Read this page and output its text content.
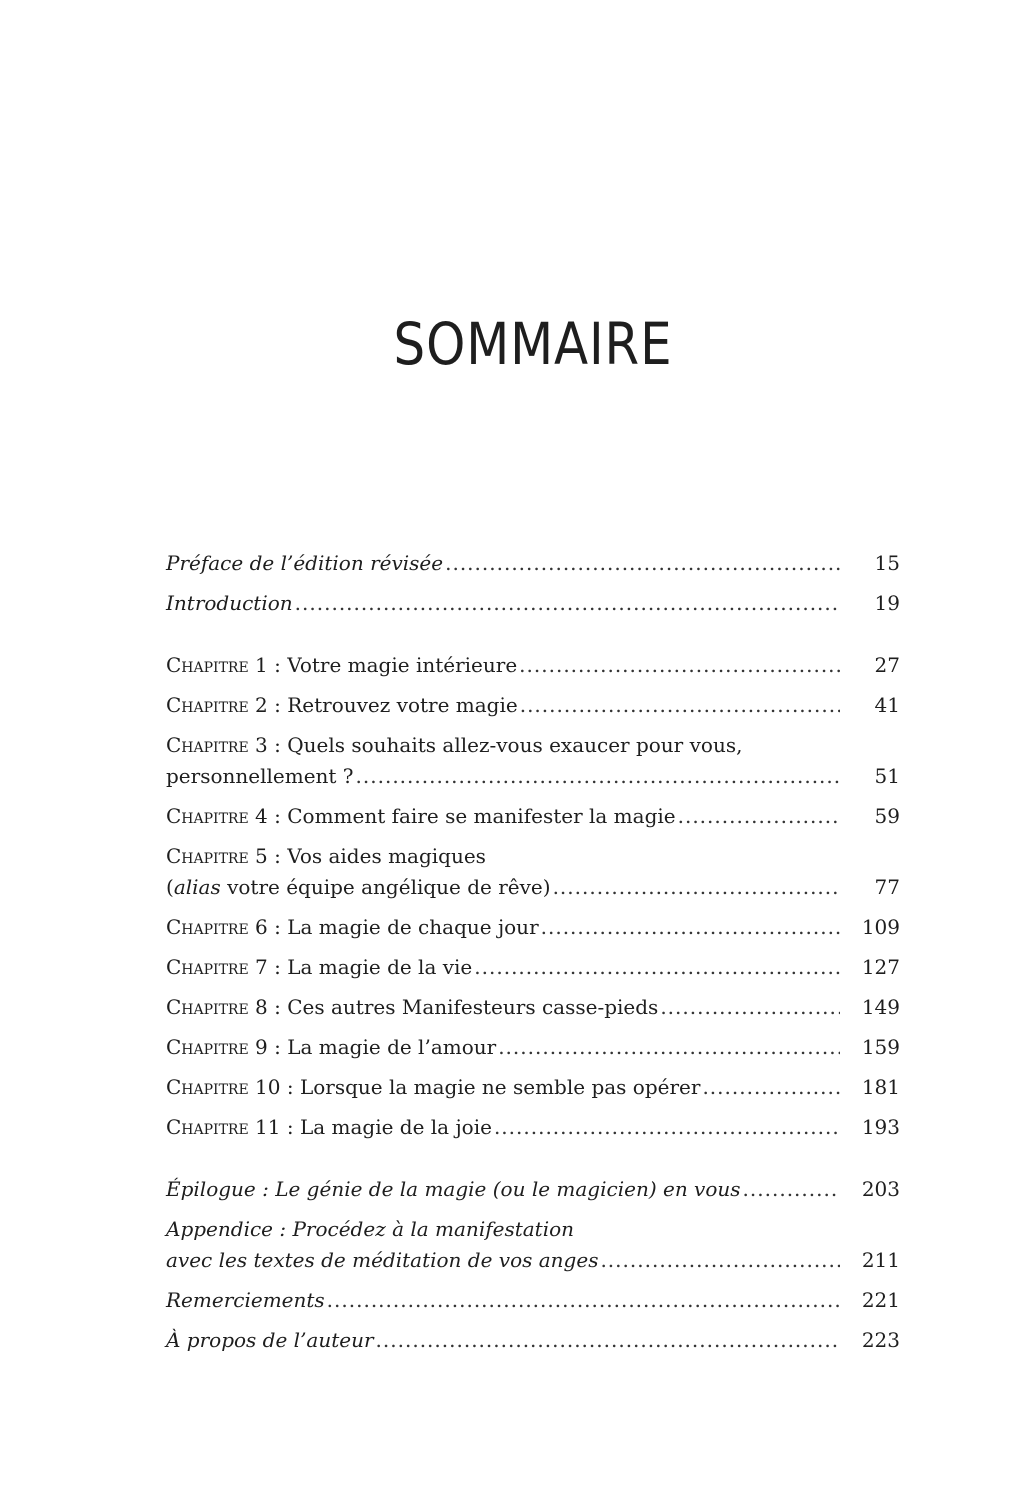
SOMMAIRE
Préface de l’édition révisée .....	15
Introduction .....	19
Chapitre 1 : Votre magie intérieure .....	27
Chapitre 2 : Retrouvez votre magie .....	41
Chapitre 3 : Quels souhaits allez-vous exaucer pour vous,
personnellement ? .....	51
Chapitre 4 : Comment faire se manifester la magie .....	59
Chapitre 5 : Vos aides magiques
(alias votre équipe angélique de rêve) .....	77
Chapitre 6 : La magie de chaque jour .....	109
Chapitre 7 : La magie de la vie .....	127
Chapitre 8 : Ces autres Manifesteurs casse-pieds .....	149
Chapitre 9 : La magie de l’amour .....	159
Chapitre 10 : Lorsque la magie ne semble pas opérer .....	181
Chapitre 11 : La magie de la joie .....	193
Épilogue : Le génie de la magie (ou le magicien) en vous .....	203
Appendice : Procédez à la manifestation
avec les textes de méditation de vos anges .....	211
Remerciements .....	221
À propos de l’auteur .....	223
